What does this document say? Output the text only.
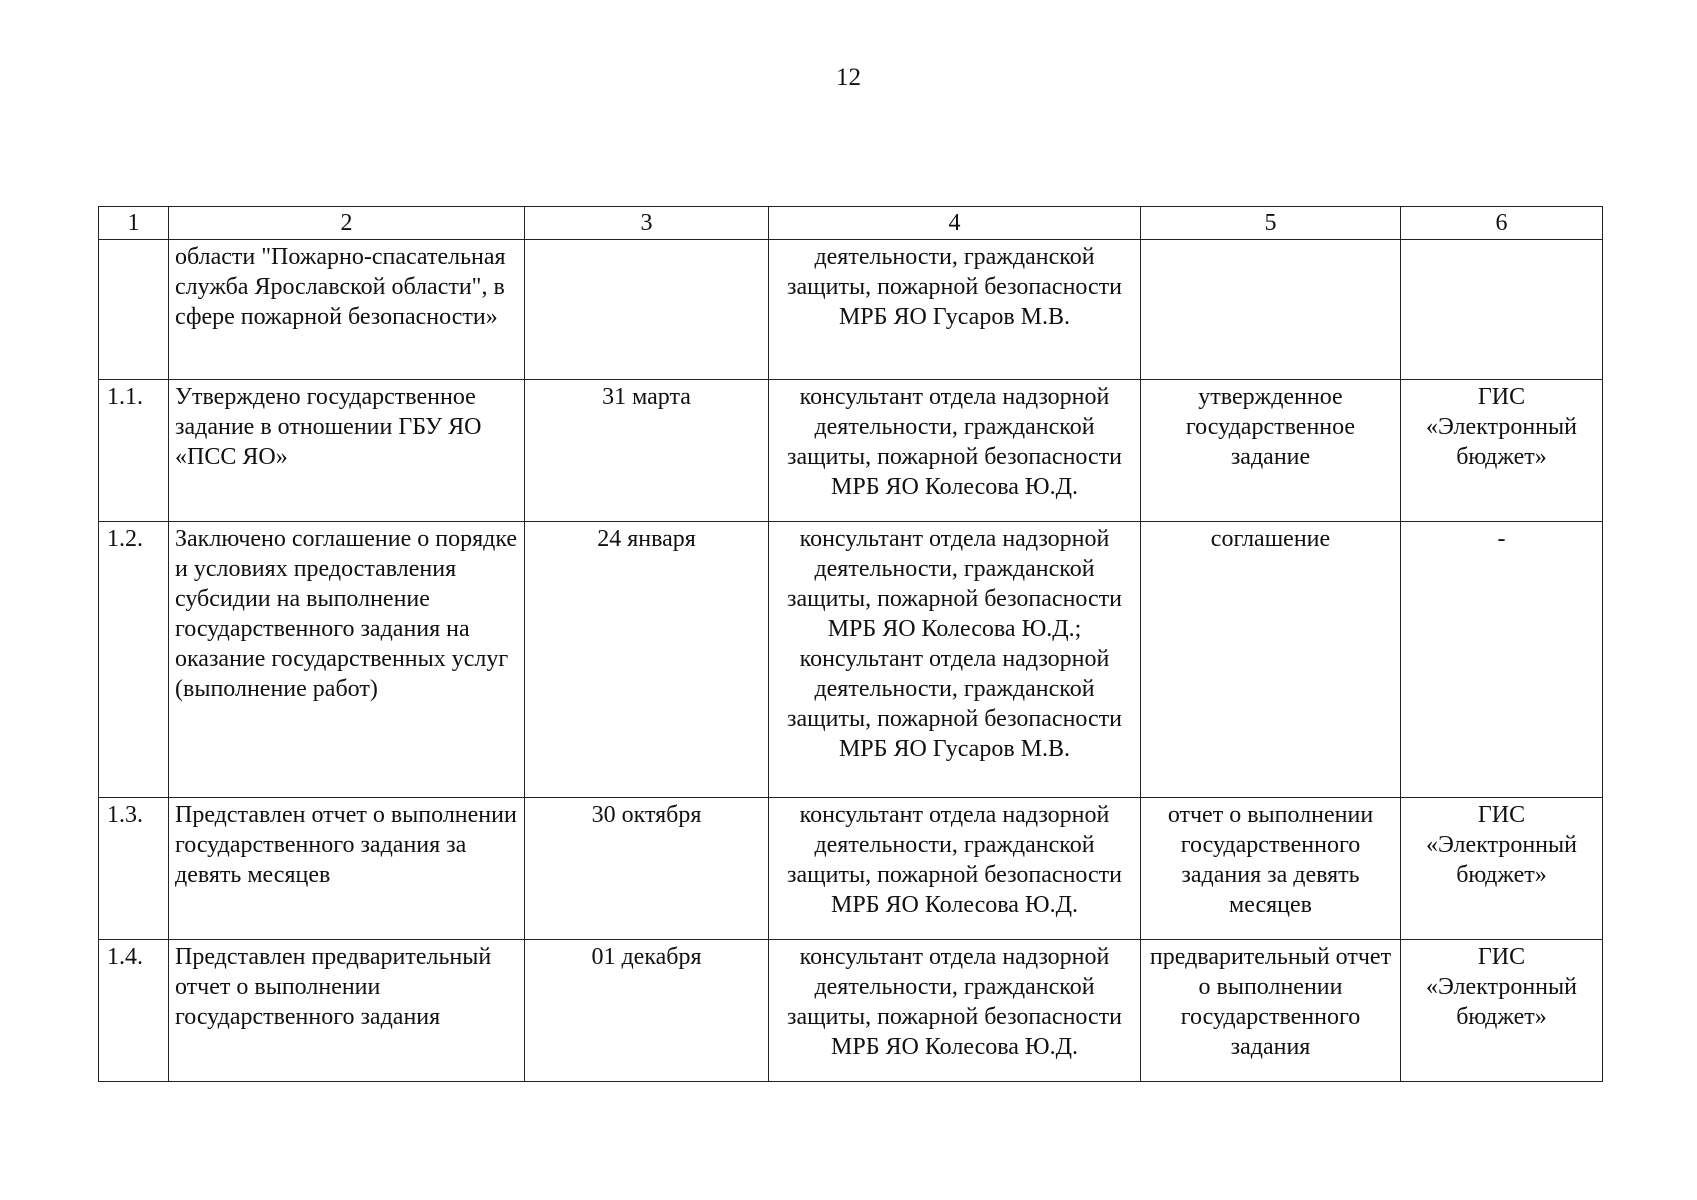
12
1	2	3	4	5	6
	области "Пожарно-спасательная служба Ярославской области", в сфере пожарной безопасности»		деятельности, гражданской защиты, пожарной безопасности МРБ ЯО Гусаров М.В.		
1.1.	Утверждено государственное задание в отношении ГБУ ЯО «ПСС ЯО»	31 марта	консультант отдела надзорной деятельности, гражданской защиты, пожарной безопасности МРБ ЯО Колесова Ю.Д.	утвержденное государственное задание	ГИС «Электронный бюджет»
1.2.	Заключено соглашение о порядке и условиях предоставления субсидии на выполнение государственного задания на оказание государственных услуг (выполнение работ)	24 января	консультант отдела надзорной деятельности, гражданской защиты, пожарной безопасности МРБ ЯО Колесова Ю.Д.; консультант отдела надзорной деятельности, гражданской защиты, пожарной безопасности МРБ ЯО Гусаров М.В.	соглашение	-
1.3.	Представлен отчет о выполнении государственного задания за девять месяцев	30 октября	консультант отдела надзорной деятельности, гражданской защиты, пожарной безопасности МРБ ЯО Колесова Ю.Д.	отчет о выполнении государственного задания за девять месяцев	ГИС «Электронный бюджет»
1.4.	Представлен предварительный отчет о выполнении государственного задания	01 декабря	консультант отдела надзорной деятельности, гражданской защиты, пожарной безопасности МРБ ЯО Колесова Ю.Д.	предварительный отчет о выполнении государственного задания	ГИС «Электронный бюджет»
